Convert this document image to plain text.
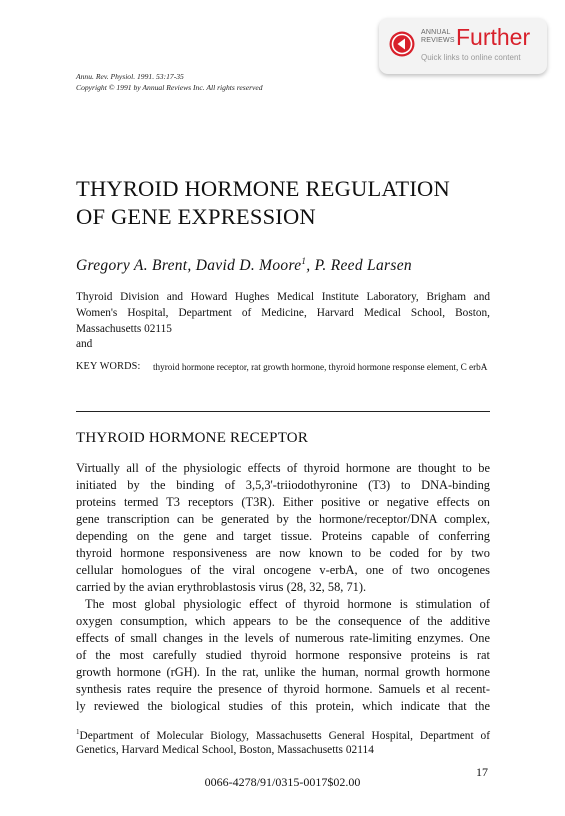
ANNUAL
REVIEWS Further
Quick links to online content
Annu. Rev. Physiol. 1991. 53:17-35
Copyright © 1991 by Annual Reviews Inc. All rights reserved
THYROID HORMONE REGULATION
OF GENE EXPRESSION
Gregory A. Brent, David D. Moore$^1$, P. Reed Larsen
Thyroid Division and Howard Hughes Medical Institute Laboratory, Brigham and
Women's Hospital, Department of Medicine, Harvard Medical School, Boston,
Massachusetts 02115
and
KEY WORDS: thyroid hormone receptor, rat growth hormone, thyroid hormone response element, C erbA
THYROID HORMONE RECEPTOR
Virtually all of the physiologic effects of thyroid hormone are thought to be
initiated by the binding of 3,5,3'-triiodothyronine (T3) to DNA-binding
proteins termed T3 receptors (T3R). Either positive or negative effects on
gene transcription can be generated by the hormone/receptor/DNA complex,
depending on the gene and target tissue. Proteins capable of conferring
thyroid hormone responsiveness are now known to be coded for by two
cellular homologues of the viral oncogene v-erbA, one of two oncogenes
carried by the avian erythroblastosis virus (28, 32, 58, 71).
The most global physiologic effect of thyroid hormone is stimulation of
oxygen consumption, which appears to be the consequence of the additive
effects of small changes in the levels of numerous rate-limiting enzymes. One
of the most carefully studied thyroid hormone responsive proteins is rat
growth hormone (rGH). In the rat, unlike the human, normal growth hormone
synthesis rates require the presence of thyroid hormone. Samuels et al recent-
ly reviewed the biological studies of this protein, which indicate that the
$^1$Department of Molecular Biology, Massachusetts General Hospital, Department of
Genetics, Harvard Medical School, Boston, Massachusetts 02114
17
0066-4278/91/0315-0017$02.00
